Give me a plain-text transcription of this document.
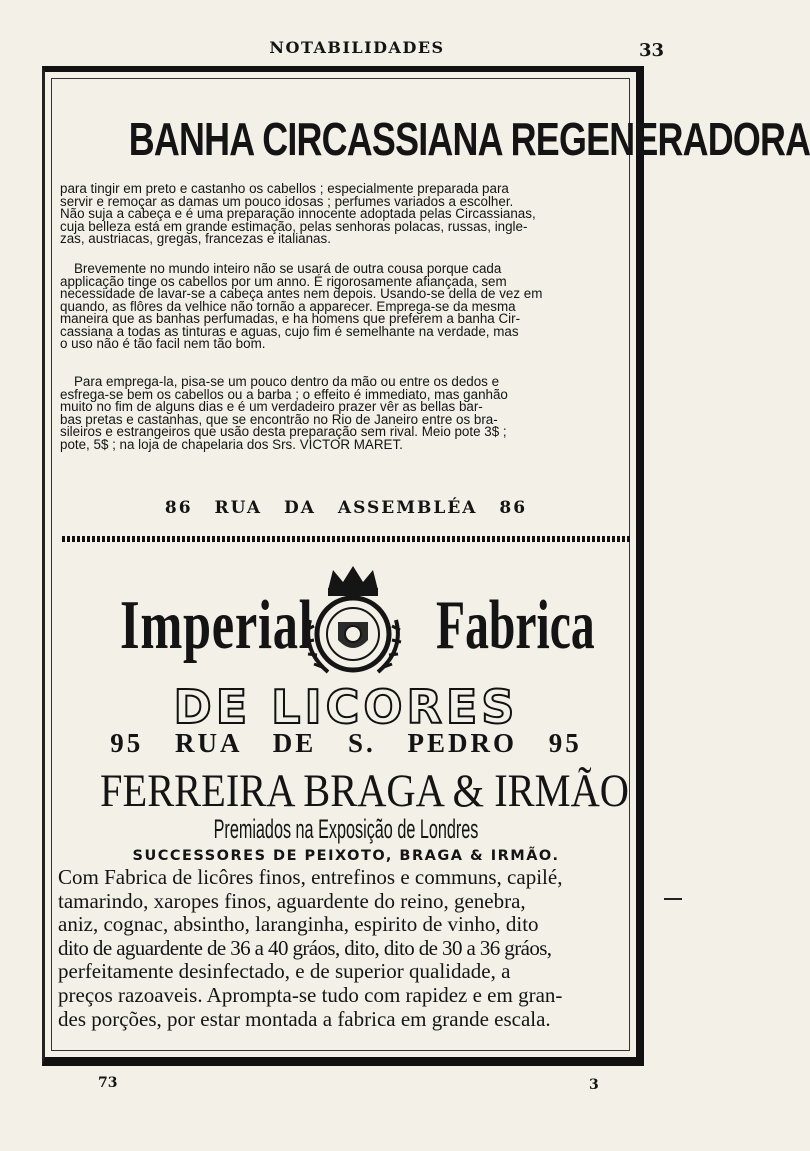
NOTABILIDADES	33
BANHA CIRCASSIANA REGENERADORA
para tingir em preto e castanho os cabellos ; especialmente preparada para
servir e remoçar as damas um pouco idosas ; perfumes variados a escolher.
Não suja a cabeça e é uma preparação innocente adoptada pelas Circassianas,
cuja belleza está em grande estimação, pelas senhoras polacas, russas, ingle-
zas, austriacas, gregas, francezas e italianas.
Brevemente no mundo inteiro não se usará de outra cousa porque cada
applicação tinge os cabellos por um anno. É rigorosamente afiançada, sem
necessidade de lavar-se a cabeça antes nem depois. Usando-se della de vez em
quando, as flôres da velhice não tornão a apparecer. Emprega-se da mesma
maneira que as banhas perfumadas, e ha homens que preferem a banha Cir-
cassiana a todas as tinturas e aguas, cujo fim é semelhante na verdade, mas
o uso não é tão facil nem tão bom.
Para emprega-la, pisa-se um pouco dentro da mão ou entre os dedos e
esfrega-se bem os cabellos ou a barba ; o effeito é immediato, mas ganhão
muito no fim de alguns dias e é um verdadeiro prazer vêr as bellas bar-
bas pretas e castanhas, que se encontrão no Rio de Janeiro entre os bra-
sileiros e estrangeiros que usão desta preparação sem rival. Meio pote 3$ ;
pote, 5$ ; na loja de chapelaria dos Srs. VICTOR MARET.
86 RUA DA ASSEMBLÉA 86
Imperial Fabrica
DE LICORES
95 RUA DE S. PEDRO 95
FERREIRA BRAGA & IRMÃO
Premiados na Exposição de Londres
SUCCESSORES DE PEIXOTO, BRAGA & IRMÃO.
Com Fabrica de licôres finos, entrefinos e communs, capilé,
tamarindo, xaropes finos, aguardente do reino, genebra,
aniz, cognac, absintho, laranginha, espirito de vinho, dito
dito de aguardente de 36 a 40 gráos, dito, dito de 30 a 36 gráos,
perfeitamente desinfectado, e de superior qualidade, a
preços razoaveis. Aprompta-se tudo com rapidez e em gran-
des porções, por estar montada a fabrica em grande escala.
73	3
